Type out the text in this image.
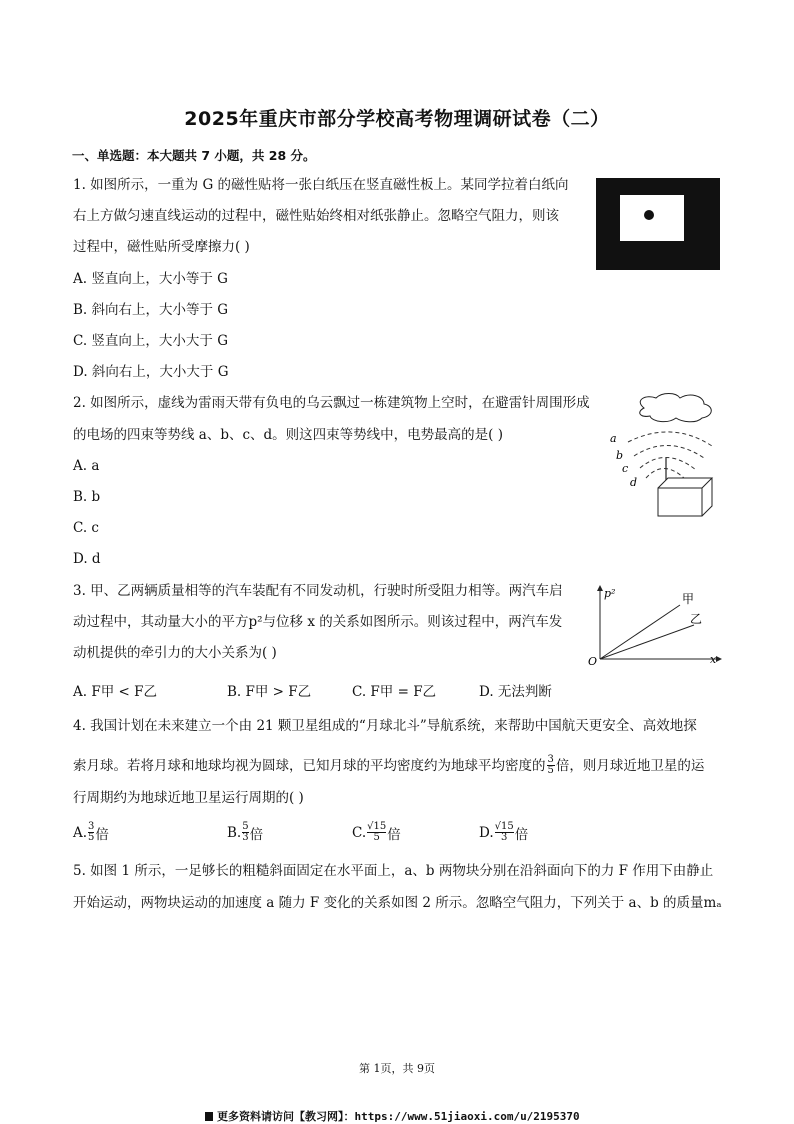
2025年重庆市部分学校高考物理调研试卷（二）
一、单选题：本大题共 7 小题，共 28 分。
1. 如图所示，一重为 G 的磁性贴将一张白纸压在竖直磁性板上。某同学拉着白纸向
右上方做匀速直线运动的过程中，磁性贴始终相对纸张静止。忽略空气阻力，则该
过程中，磁性贴所受摩擦力( )
A. 竖直向上，大小等于 G
B. 斜向右上，大小等于 G
C. 竖直向上，大小大于 G
D. 斜向右上，大小大于 G
2. 如图所示，虚线为雷雨天带有负电的乌云飘过一栋建筑物上空时，在避雷针周围形成
的电场的四束等势线 a、b、c、d。则这四束等势线中，电势最高的是( )
A. a
B. b
C. c
D. d
a
b
c
d
3. 甲、乙两辆质量相等的汽车装配有不同发动机，行驶时所受阻力相等。两汽车启
动过程中，其动量大小的平方p²与位移 x 的关系如图所示。则该过程中，两汽车发
动机提供的牵引力的大小关系为( )
A. F甲 < F乙	B. F甲 > F乙	C. F甲 = F乙	D. 无法判断
p²
x
O
甲
乙
4. 我国计划在未来建立一个由 21 颗卫星组成的“月球北斗”导航系统，来帮助中国航天更安全、高效地探
索月球。若将月球和地球均视为圆球，已知月球的平均密度约为地球平均密度的 $\frac{3}{5}$ 倍，则月球近地卫星的运
行周期约为地球近地卫星运行周期的( )
A. 3
5 倍	B. 5
3 倍	C. √15
5 倍	D. √15
3 倍
5. 如图 1 所示，一足够长的粗糙斜面固定在水平面上，a、b 两物块分别在沿斜面向下的力 F 作用下由静止
开始运动，两物块运动的加速度 a 随力 F 变化的关系如图 2 所示。忽略空气阻力，下列关于 a、b 的质量mₐ
第 1页，共 9页
更多资料请访问【教习网】：https://www.51jiaoxi.com/u/2195370
